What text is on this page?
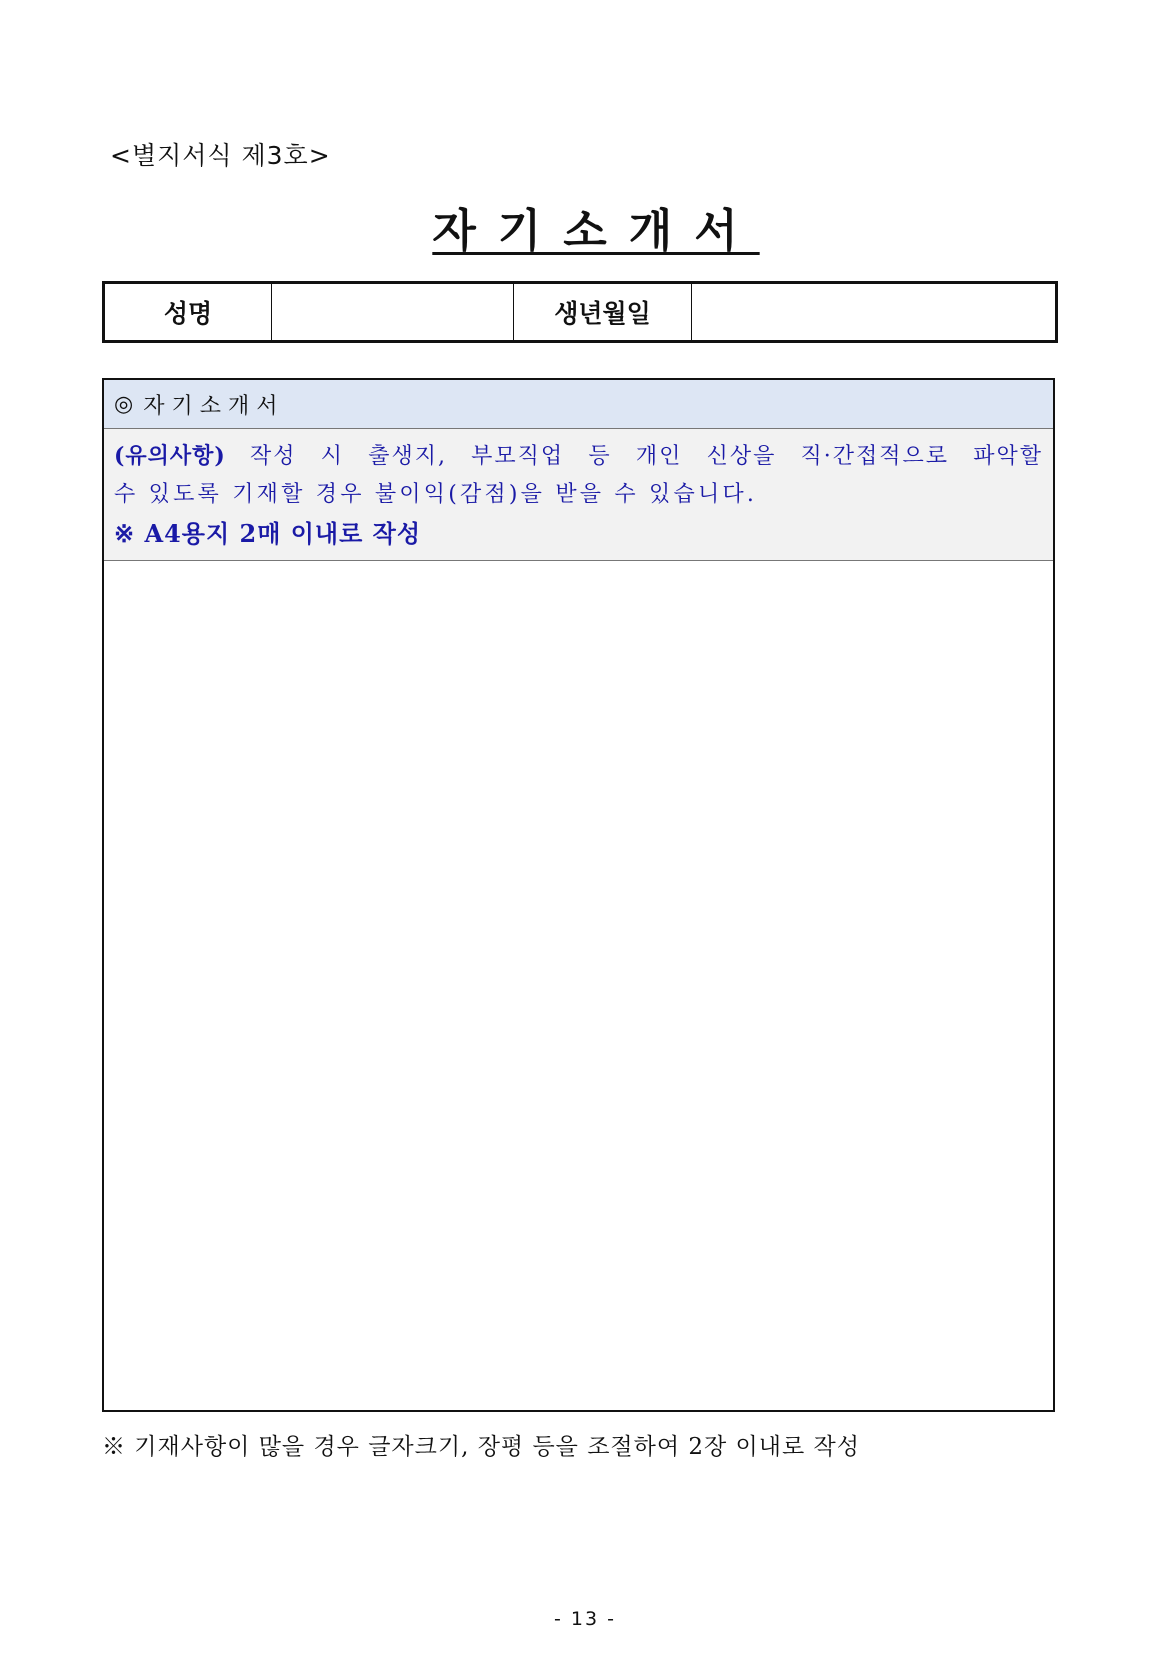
<별지서식 제3호>
자기소개서
성명	생년월일
◎ 자기소개서
(유의사항) 작성 시 출생지, 부모직업 등 개인 신상을 직·간접적으로 파악할
수 있도록 기재할 경우 불이익(감점)을 받을 수 있습니다.
※ A4용지 2매 이내로 작성
※ 기재사항이 많을 경우 글자크기, 장평 등을 조절하여 2장 이내로 작성
- 13 -
